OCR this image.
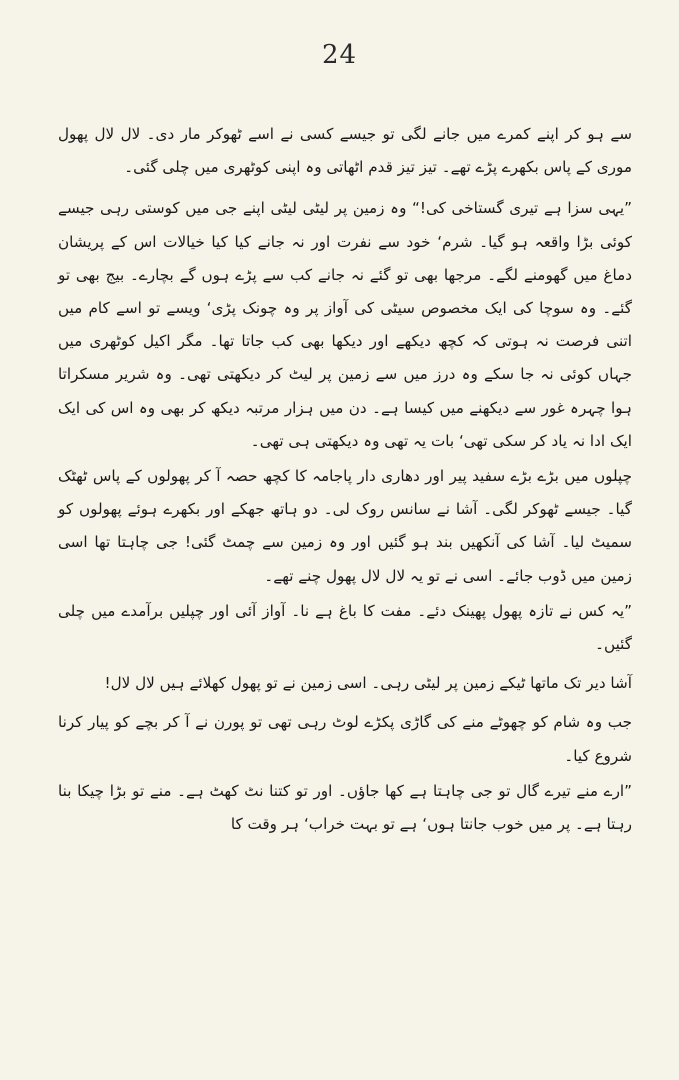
24

سے ہو کر اپنے کمرے میں جانے لگی تو جیسے کسی نے اسے ٹھوکر مار دی۔ لال لال پھول موری کے پاس بکھرے پڑے تھے۔ تیز تیز قدم اٹھاتی وہ اپنی کوٹھری میں چلی گئی۔

”یہی سزا ہے تیری گستاخی کی!“ وہ زمین پر لیٹی لیٹی اپنے جی میں کوستی رہی جیسے کوئی بڑا واقعہ ہو گیا۔ شرم‘ خود سے نفرت اور نہ جانے کیا کیا خیالات اس کے پریشان دماغ میں گھومنے لگے۔ مرجھا بھی تو گئے نہ جانے کب سے پڑے ہوں گے بچارے۔ بیج بھی تو گئے۔ وہ سوچا کی ایک مخصوص سیٹی کی آواز پر وہ چونک پڑی‘ ویسے تو اسے کام میں اتنی فرصت نہ ہوتی کہ کچھ دیکھے اور دیکھا بھی کب جاتا تھا۔ مگر اکیل کوٹھری میں جہاں کوئی نہ جا سکے وہ درز میں سے زمین پر لیٹ کر دیکھتی تھی۔ وہ شریر مسکراتا ہوا چہرہ غور سے دیکھنے میں کیسا ہے۔ دن میں ہزار مرتبہ دیکھ کر بھی وہ اس کی ایک ایک ادا نہ یاد کر سکی تھی‘ بات یہ تھی وہ دیکھتی ہی تھی۔

چپلوں میں بڑے بڑے سفید پیر اور دھاری دار پاجامہ کا کچھ حصہ آ کر پھولوں کے پاس ٹھٹک گیا۔ جیسے ٹھوکر لگی۔ آشا نے سانس روک لی۔ دو ہاتھ جھکے اور بکھرے ہوئے پھولوں کو سمیٹ لیا۔ آشا کی آنکھیں بند ہو گئیں اور وہ زمین سے چمٹ گئی! جی چاہتا تھا اسی زمین میں ڈوب جائے۔ اسی نے تو یہ لال لال پھول چنے تھے۔

”یہ کس نے تازہ پھول پھینک دئے۔ مفت کا باغ ہے نا۔ آواز آئی اور چپلیں برآمدے میں چلی گئیں۔

آشا دیر تک ماتھا ٹیکے زمین پر لیٹی رہی۔ اسی زمین نے تو پھول کھلائے ہیں لال لال!

جب وہ شام کو چھوٹے منے کی گاڑی پکڑے لوٹ رہی تھی تو پورن نے آ کر بچے کو پیار کرنا شروع کیا۔

”ارے منے تیرے گال تو جی چاہتا ہے کھا جاؤں۔ اور تو کتنا نٹ کھٹ ہے۔ منے تو بڑا چیکا بنا رہتا ہے۔ پر میں خوب جانتا ہوں‘ ہے تو بہت خراب‘ ہر وقت کا
